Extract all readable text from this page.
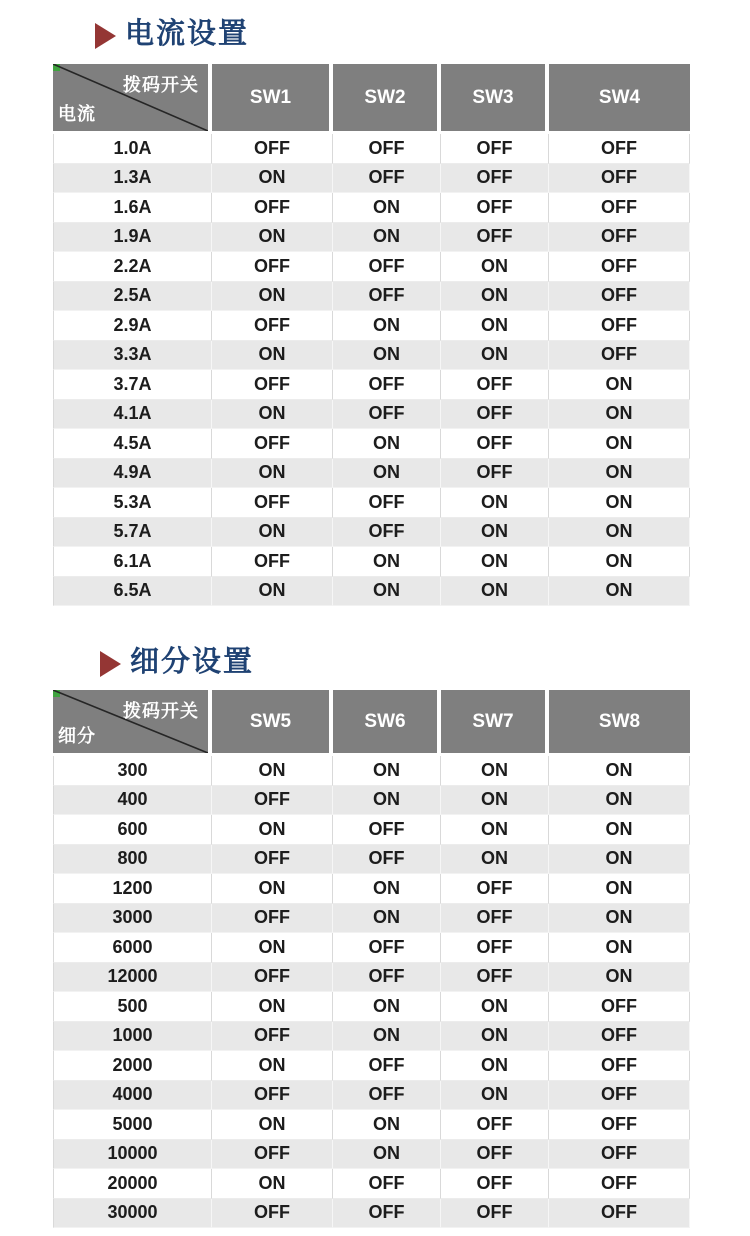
电流设置
拨码开关
电流	SW1	SW2	SW3	SW4
1.0A	OFF	OFF	OFF	OFF
1.3A	ON	OFF	OFF	OFF
1.6A	OFF	ON	OFF	OFF
1.9A	ON	ON	OFF	OFF
2.2A	OFF	OFF	ON	OFF
2.5A	ON	OFF	ON	OFF
2.9A	OFF	ON	ON	OFF
3.3A	ON	ON	ON	OFF
3.7A	OFF	OFF	OFF	ON
4.1A	ON	OFF	OFF	ON
4.5A	OFF	ON	OFF	ON
4.9A	ON	ON	OFF	ON
5.3A	OFF	OFF	ON	ON
5.7A	ON	OFF	ON	ON
6.1A	OFF	ON	ON	ON
6.5A	ON	ON	ON	ON
细分设置
拨码开关
细分	SW5	SW6	SW7	SW8
300	ON	ON	ON	ON
400	OFF	ON	ON	ON
600	ON	OFF	ON	ON
800	OFF	OFF	ON	ON
1200	ON	ON	OFF	ON
3000	OFF	ON	OFF	ON
6000	ON	OFF	OFF	ON
12000	OFF	OFF	OFF	ON
500	ON	ON	ON	OFF
1000	OFF	ON	ON	OFF
2000	ON	OFF	ON	OFF
4000	OFF	OFF	ON	OFF
5000	ON	ON	OFF	OFF
10000	OFF	ON	OFF	OFF
20000	ON	OFF	OFF	OFF
30000	OFF	OFF	OFF	OFF
